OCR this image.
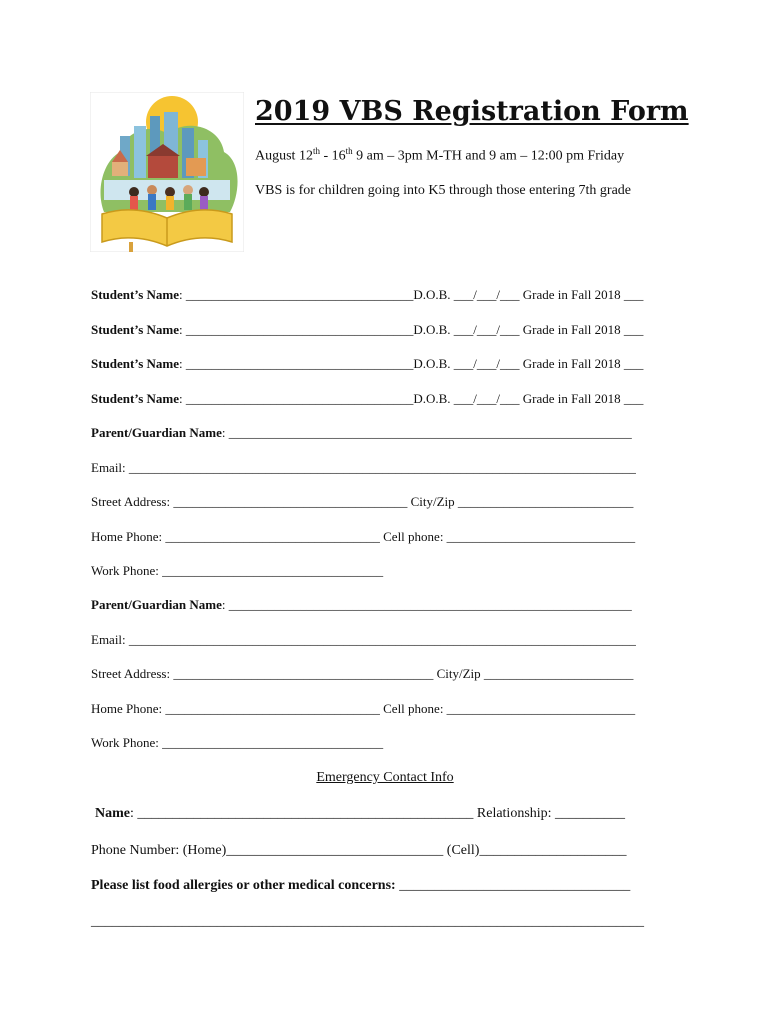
2019 VBS Registration Form
August 12th - 16th 9 am – 3pm M-TH and 9 am – 12:00 pm Friday
VBS is for children going into K5 through those entering 7th grade
Student’s Name: ___________________________________D.O.B. ___/___/___ Grade in Fall 2018 ___
Student’s Name: ___________________________________D.O.B. ___/___/___ Grade in Fall 2018 ___
Student’s Name: ___________________________________D.O.B. ___/___/___ Grade in Fall 2018 ___
Student’s Name: ___________________________________D.O.B. ___/___/___ Grade in Fall 2018 ___
Parent/Guardian Name: ______________________________________________________________
Email: ______________________________________________________________________________
Street Address: ____________________________________ City/Zip ___________________________
Home Phone: _________________________________ Cell phone: _____________________________
Work Phone: __________________________________
Parent/Guardian Name: ______________________________________________________________
Email: ______________________________________________________________________________
Street Address: ________________________________________ City/Zip _______________________
Home Phone: _________________________________ Cell phone: _____________________________
Work Phone: __________________________________
Emergency Contact Info
Name: ________________________________________________ Relationship: __________
Phone Number: (Home)_______________________________ (Cell)_____________________
Please list food allergies or other medical concerns: _________________________________
_______________________________________________________________________________
